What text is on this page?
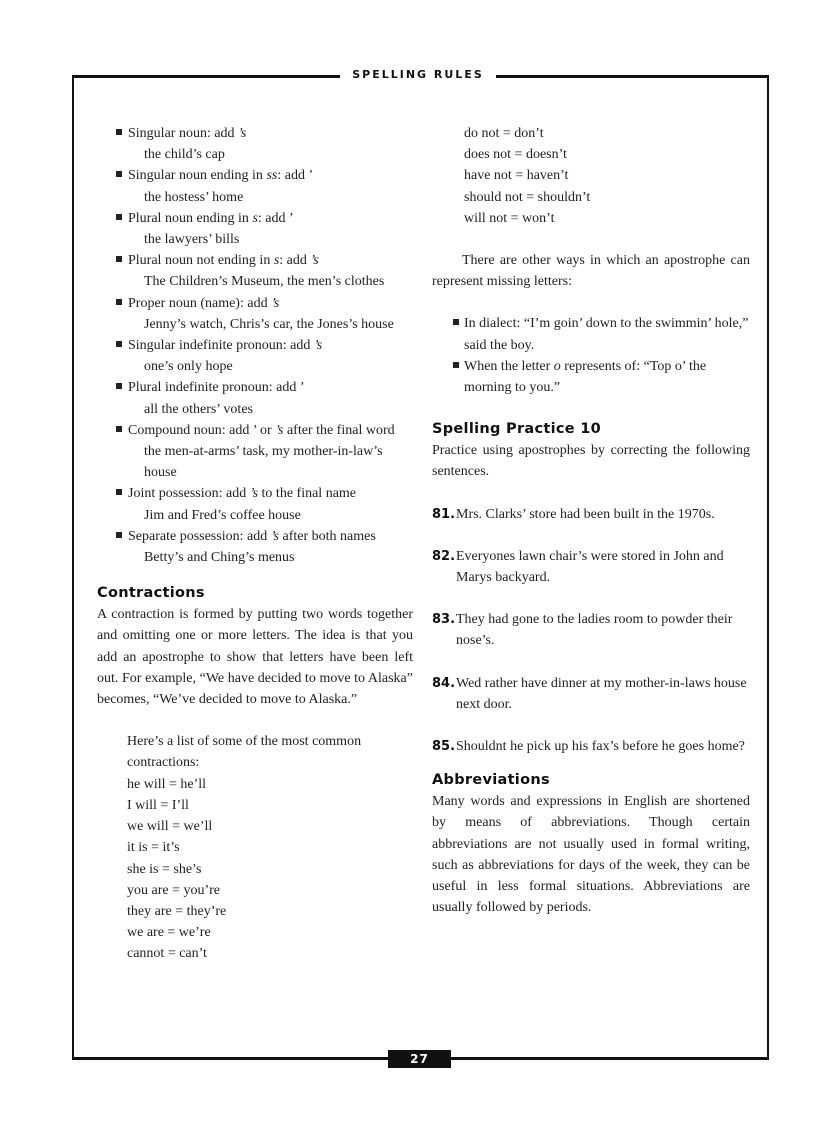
SPELLING RULES
27
Singular noun: add ’s
the child’s cap
Singular noun ending in ss: add ’
the hostess’ home
Plural noun ending in s: add ’
the lawyers’ bills
Plural noun not ending in s: add ’s
The Children’s Museum, the men’s clothes
Proper noun (name): add ’s
Jenny’s watch, Chris’s car, the Jones’s house
Singular indefinite pronoun: add ’s
one’s only hope
Plural indefinite pronoun: add ’
all the others’ votes
Compound noun: add ’ or ’s after the final word
the men-at-arms’ task, my mother-in-law’s
house
Joint possession: add ’s to the final name
Jim and Fred’s coffee house
Separate possession: add ’s after both names
Betty’s and Ching’s menus
Contractions
A contraction is formed by putting two words together and omitting one or more letters. The idea is that you add an apostrophe to show that letters have been left out. For example, “We have decided to move to Alaska” becomes, “We’ve decided to move to Alaska.”
Here’s a list of some of the most common contractions:
he will = he’ll
I will = I’ll
we will = we’ll
it is = it’s
she is = she’s
you are = you’re
they are = they’re
we are = we’re
cannot = can’t
do not = don’t
does not = doesn’t
have not = haven’t
should not = shouldn’t
will not = won’t
There are other ways in which an apostrophe can represent missing letters:
In dialect: “I’m goin’ down to the swimmin’ hole,” said the boy.
When the letter o represents of: “Top o’ the morning to you.”
Spelling Practice 10
Practice using apostrophes by correcting the following sentences.
81.Mrs. Clarks’ store had been built in the 1970s.
82.Everyones lawn chair’s were stored in John and Marys backyard.
83.They had gone to the ladies room to powder their nose’s.
84.Wed rather have dinner at my mother-in-laws house next door.
85.Shouldnt he pick up his fax’s before he goes home?
Abbreviations
Many words and expressions in English are shortened by means of abbreviations. Though certain abbreviations are not usually used in formal writing, such as abbreviations for days of the week, they can be useful in less formal situations. Abbreviations are usually followed by periods.
